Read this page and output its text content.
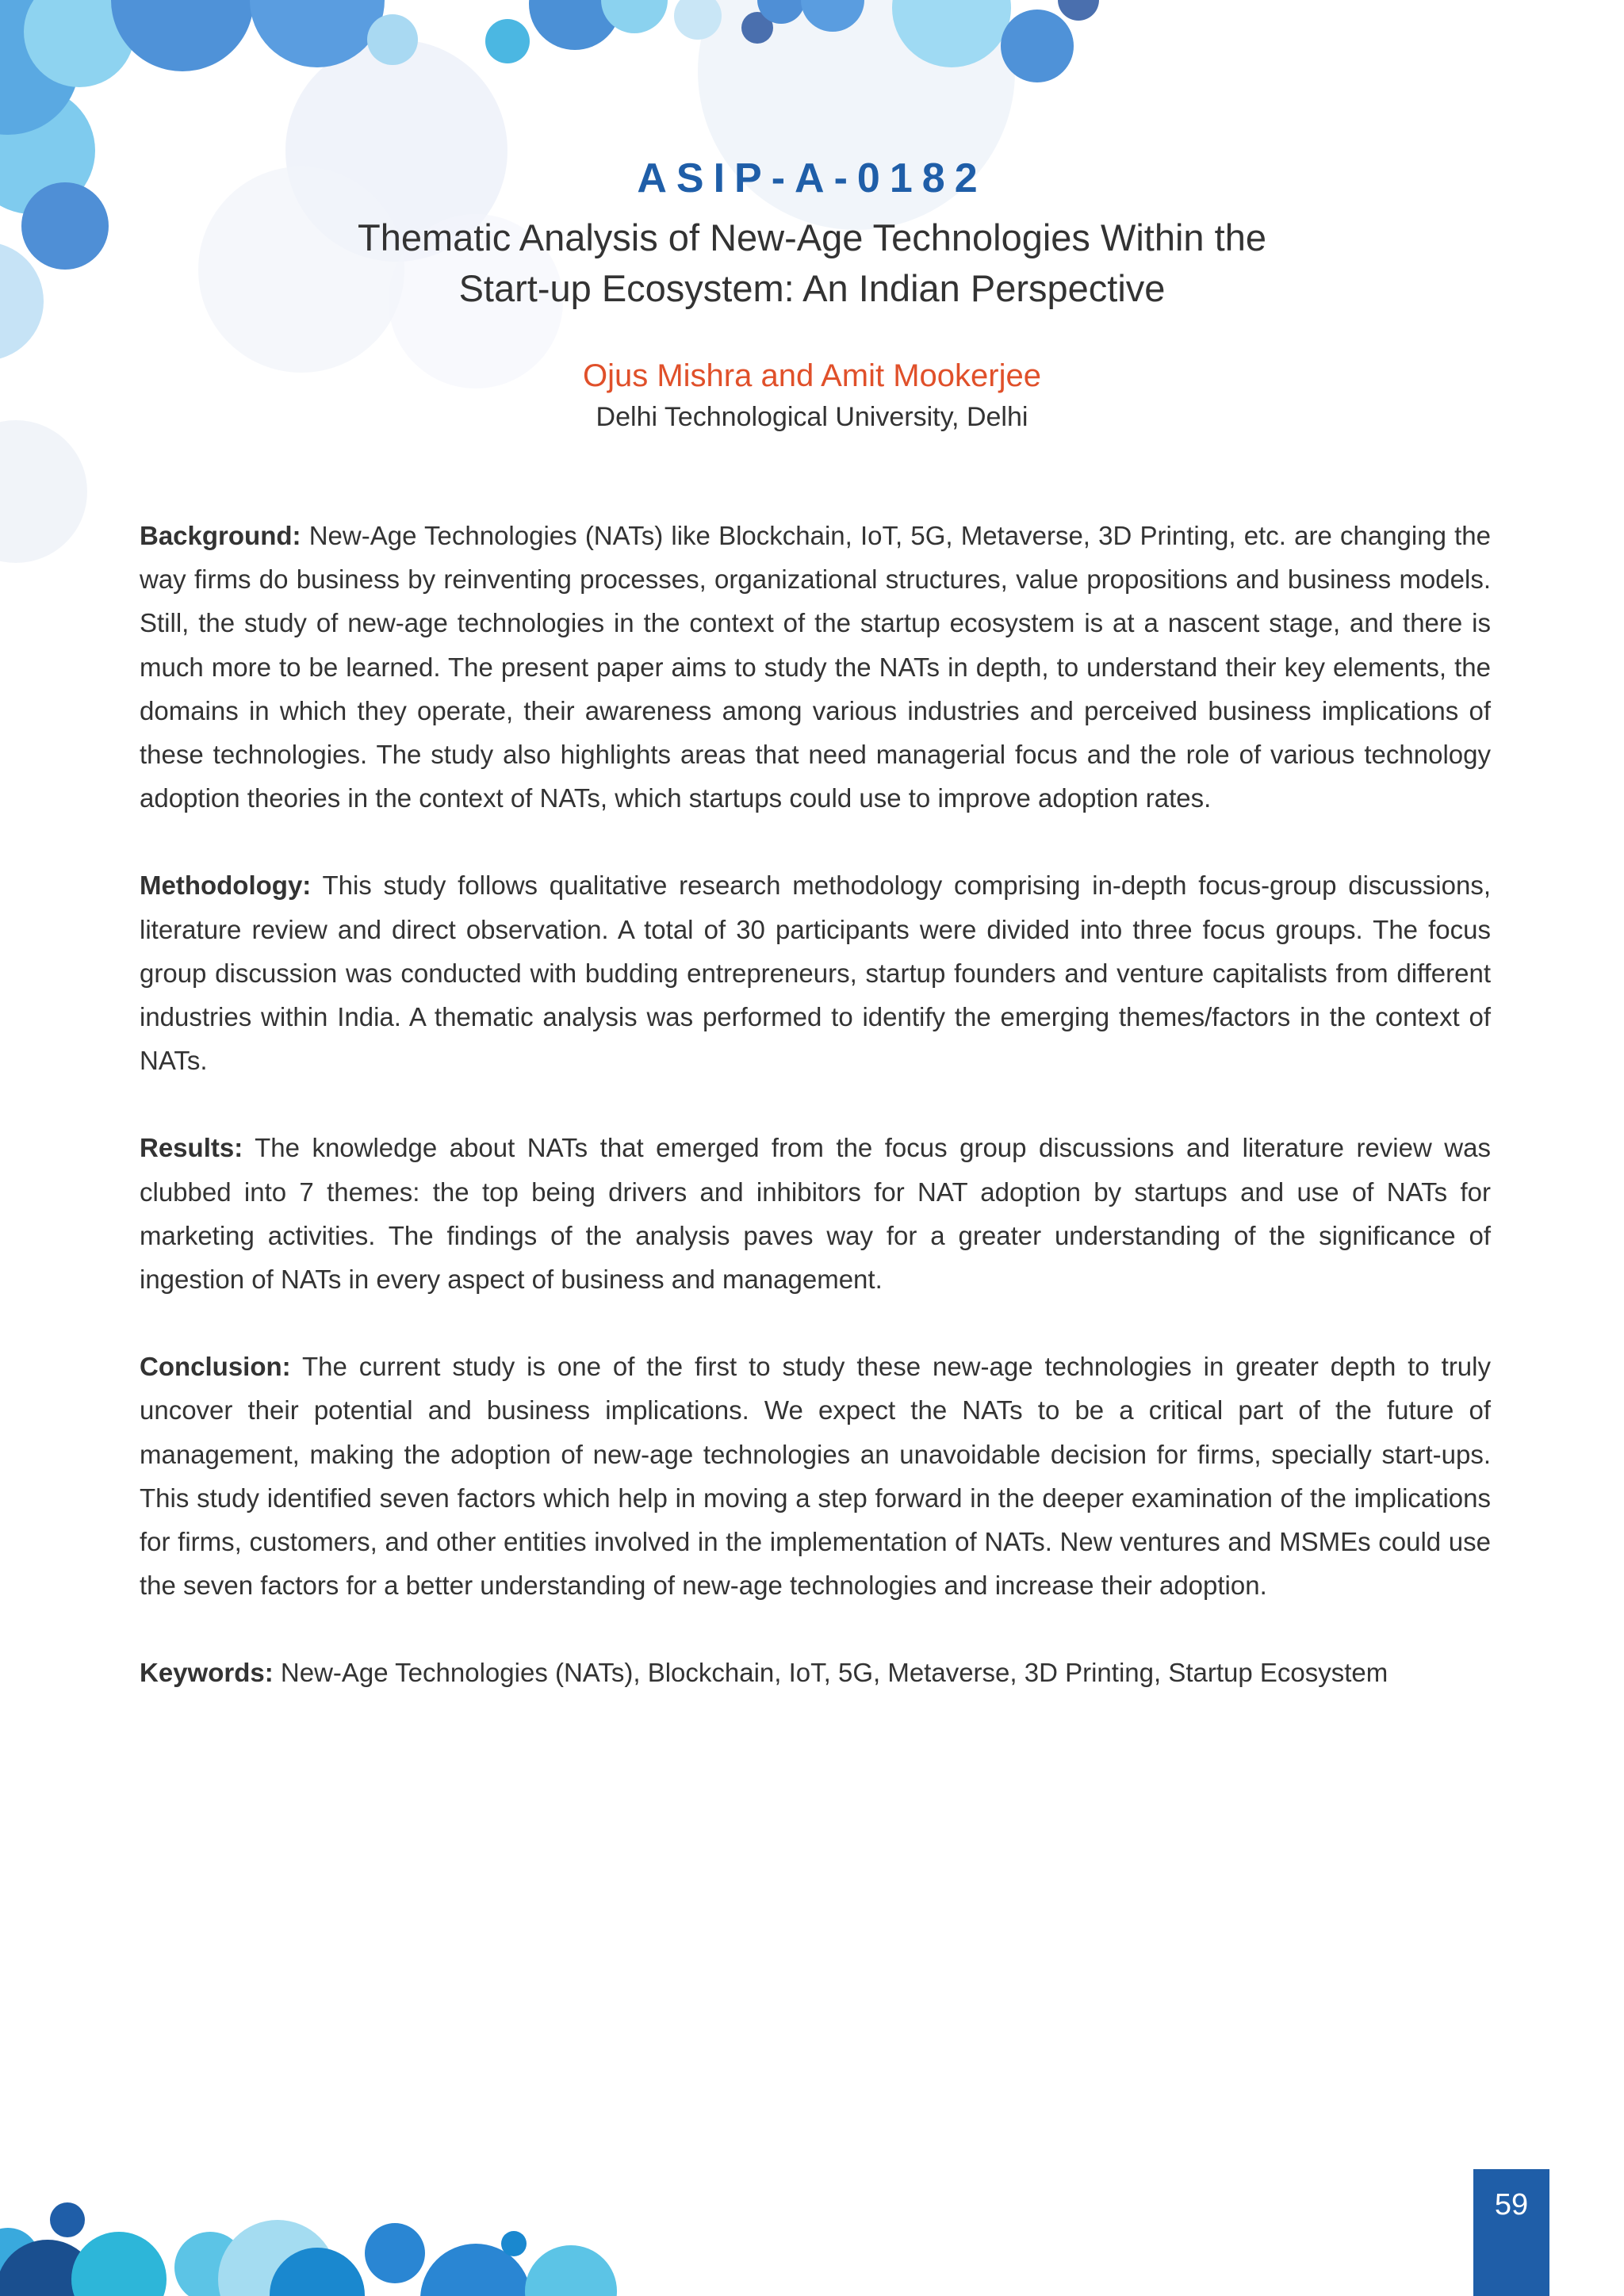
ASIP-A-0182

Thematic Analysis of New-Age Technologies Within the
Start-up Ecosystem: An Indian Perspective
Ojus Mishra and Amit Mookerjee
Delhi Technological University, Delhi

Background: New-Age Technologies (NATs) like Blockchain, IoT, 5G, Metaverse, 3D Printing, etc. are changing the way firms do business by reinventing processes, organizational structures, value propositions and business models. Still, the study of new-age technologies in the context of the startup ecosystem is at a nascent stage, and there is much more to be learned. The present paper aims to study the NATs in depth, to understand their key elements, the domains in which they operate, their awareness among various industries and perceived business implications of these technologies. The study also highlights areas that need managerial focus and the role of various technology adoption theories in the context of NATs, which startups could use to improve adoption rates.

Methodology: This study follows qualitative research methodology comprising in-depth focus-group discussions, literature review and direct observation. A total of 30 participants were divided into three focus groups. The focus group discussion was conducted with budding entrepreneurs, startup founders and venture capitalists from different industries within India. A thematic analysis was performed to identify the emerging themes/factors in the context of NATs.

Results: The knowledge about NATs that emerged from the focus group discussions and literature review was clubbed into 7 themes: the top being drivers and inhibitors for NAT adoption by startups and use of NATs for marketing activities. The findings of the analysis paves way for a greater understanding of the significance of ingestion of NATs in every aspect of business and management.

Conclusion: The current study is one of the first to study these new-age technologies in greater depth to truly uncover their potential and business implications. We expect the NATs to be a critical part of the future of management, making the adoption of new-age technologies an unavoidable decision for firms, specially start-ups. This study identified seven factors which help in moving a step forward in the deeper examination of the implications for firms, customers, and other entities involved in the implementation of NATs. New ventures and MSMEs could use the seven factors for a better understanding of new-age technologies and increase their adoption.

Keywords: New-Age Technologies (NATs), Blockchain, IoT, 5G, Metaverse, 3D Printing, Startup Ecosystem

59
